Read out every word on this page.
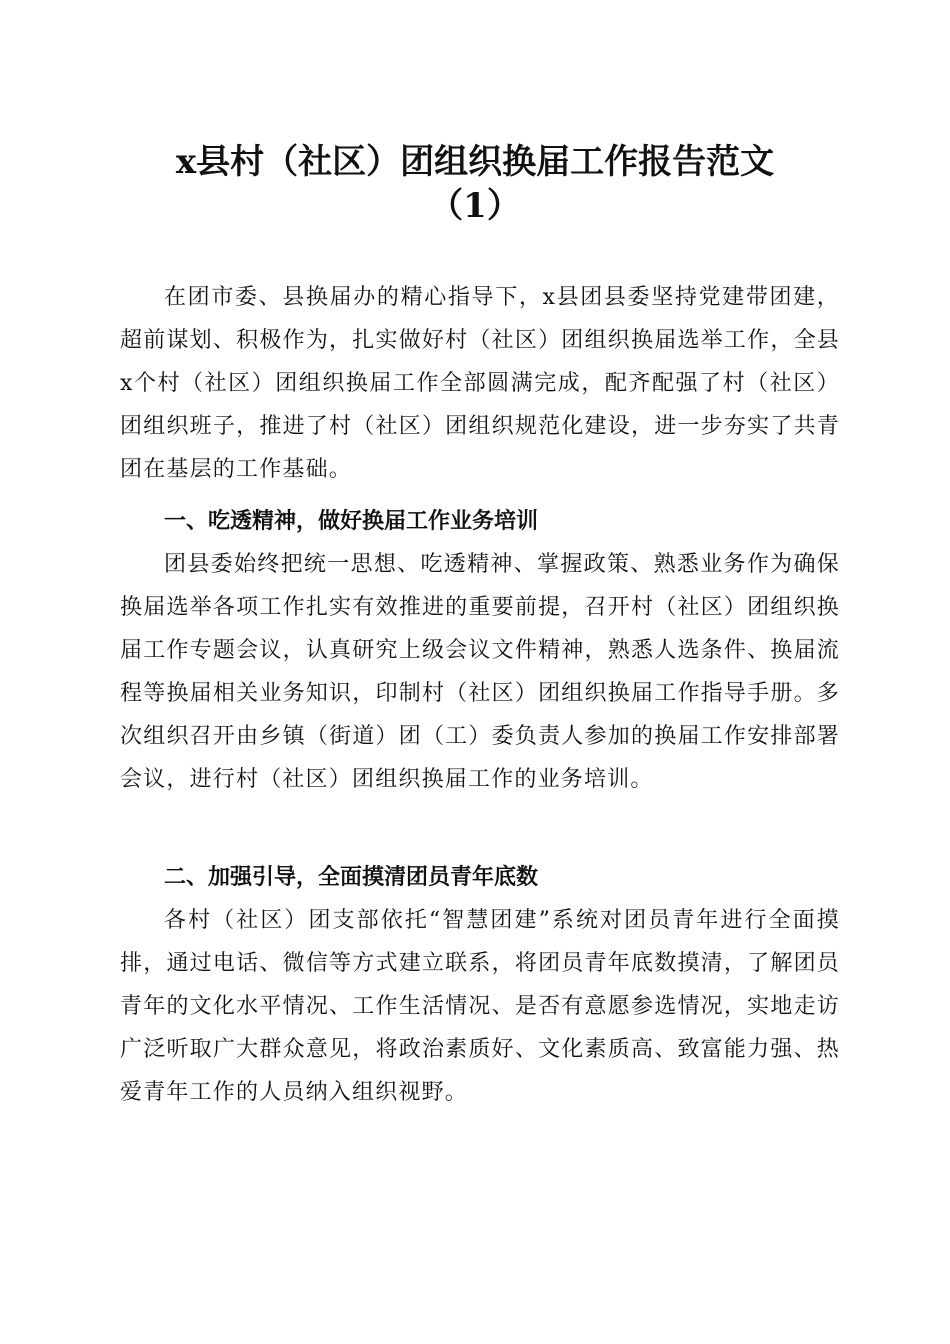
x县村（社区）团组织换届工作报告范文
（1）

在团市委、县换届办的精心指导下，x县团县委坚持党建带团建，超前谋划、积极作为，扎实做好村（社区）团组织换届选举工作，全县x个村（社区）团组织换届工作全部圆满完成，配齐配强了村（社区）团组织班子，推进了村（社区）团组织规范化建设，进一步夯实了共青团在基层的工作基础。

一、吃透精神，做好换届工作业务培训

团县委始终把统一思想、吃透精神、掌握政策、熟悉业务作为确保换届选举各项工作扎实有效推进的重要前提，召开村（社区）团组织换届工作专题会议，认真研究上级会议文件精神，熟悉人选条件、换届流程等换届相关业务知识，印制村（社区）团组织换届工作指导手册。多次组织召开由乡镇（街道）团（工）委负责人参加的换届工作安排部署会议，进行村（社区）团组织换届工作的业务培训。

二、加强引导，全面摸清团员青年底数

各村（社区）团支部依托“智慧团建”系统对团员青年进行全面摸排，通过电话、微信等方式建立联系，将团员青年底数摸清，了解团员青年的文化水平情况、工作生活情况、是否有意愿参选情况，实地走访广泛听取广大群众意见，将政治素质好、文化素质高、致富能力强、热爱青年工作的人员纳入组织视野。
